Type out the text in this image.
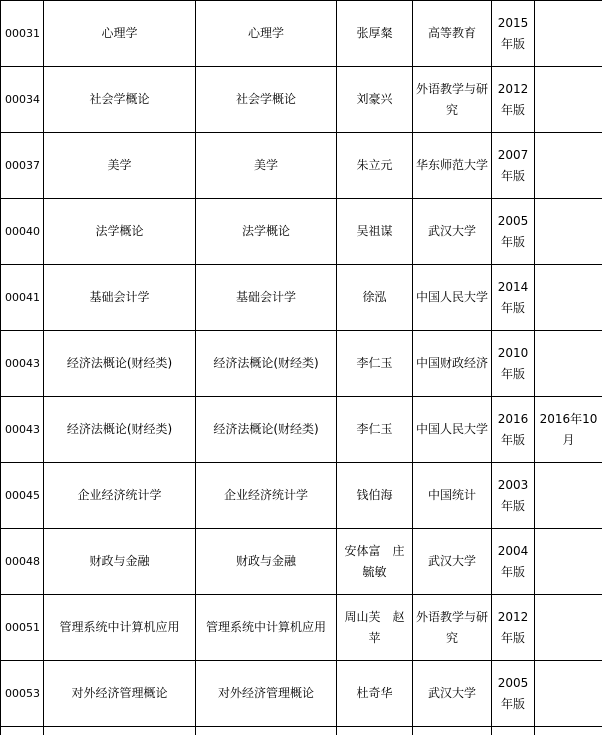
00031	心理学	心理学	张厚粲	高等教育	2015年版	
00034	社会学概论	社会学概论	刘豪兴	外语教学与研究	2012年版	
00037	美学	美学	朱立元	华东师范大学	2007年版	
00040	法学概论	法学概论	吴祖谋	武汉大学	2005年版	
00041	基础会计学	基础会计学	徐泓	中国人民大学	2014年版	
00043	经济法概论(财经类)	经济法概论(财经类)	李仁玉	中国财政经济	2010年版	
00043	经济法概论(财经类)	经济法概论(财经类)	李仁玉	中国人民大学	2016年版	2016年10月
00045	企业经济统计学	企业经济统计学	钱伯海	中国统计	2003年版	
00048	财政与金融	财政与金融	安体富　庄毓敏	武汉大学	2004年版	
00051	管理系统中计算机应用	管理系统中计算机应用	周山芙　赵苹	外语教学与研究	2012年版	
00053	对外经济管理概论	对外经济管理概论	杜奇华	武汉大学	2005年版	
